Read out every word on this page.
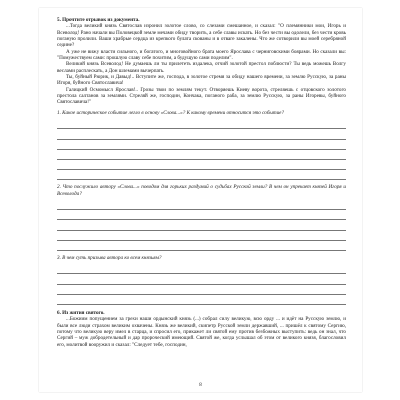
5. Прочтите отрывок из документа.

...Тогда великий князь Святослав изронил золотое слово, со слезами смешанное, и сказал: "О племянники мои, Игорь и Всеволод! Рано начали вы Половецкой земле мечами обиду творить, а себе славы искать. Но без чести вы одолели, без чести кровь поганую пролили. Ваши храбрые сердца из крепкого булата скованы и в отваге закалены. Что же сотворили вы моей серебряной седине?

А уже не вижу власти сильного, и богатого, и многовойного брата моего Ярослава с черниговскими боярами. Но сказали вы: "Помужествуем сами: прошлую славу себе похитим, а будущую сами поделим".

Великий князь Всеволод! Не думаешь ли ты прилететь издалека, отчий золотой престол поблюсти? Ты ведь можешь Волгу веслами расплескать, а Дон шлемами вычерпать.

Ты, буйный Рюрик, и Давыд!.. Вступите же, господа, в золотое стремя за обиду нашего времени, за землю Русскую, за раны Игоря, буйного Святославича!

Галицкий Осмомысл Ярослав!.. Грозы твои по землям текут. Отворяешь Киеву ворота, стреляешь с отцовского золотого престола салтанов за землями. Стреляй же, господин, Кончака, поганого раба, за землю Русскую, за раны Игоревы, буйного Святославича!"

1. Какое историческое событие легло в основу «Слова...»? К какому времени относится это событие?

2. Что послужило автору «Слова...» поводом для горьких раздумий о судьбах Русской земли? В чем он упрекает князей Игоря и Всеволода?

3. В чем суть призыва автора ко всем князьям?

6. Из жития святого.

...Божиим попущением за грехи наши ордынский князь (...) собрал силу великую, всю орду ... и идёт на Русскую землю, и были все люди страхом великим охвачены. Князь же великий, скипетр Русской земли державший, ... пришёл к святому Сергию, потому что великую веру имел в старца, и спросил его, прикажет ли святой ему против безбожных выступить: ведь он знал, что Сергий – муж добродетельный и дар пророческий имеющий. Святой же, когда услышал об этом от великого князя, благословил его, молитвой вооружил и сказал: "Следует тебе, господин,

8
